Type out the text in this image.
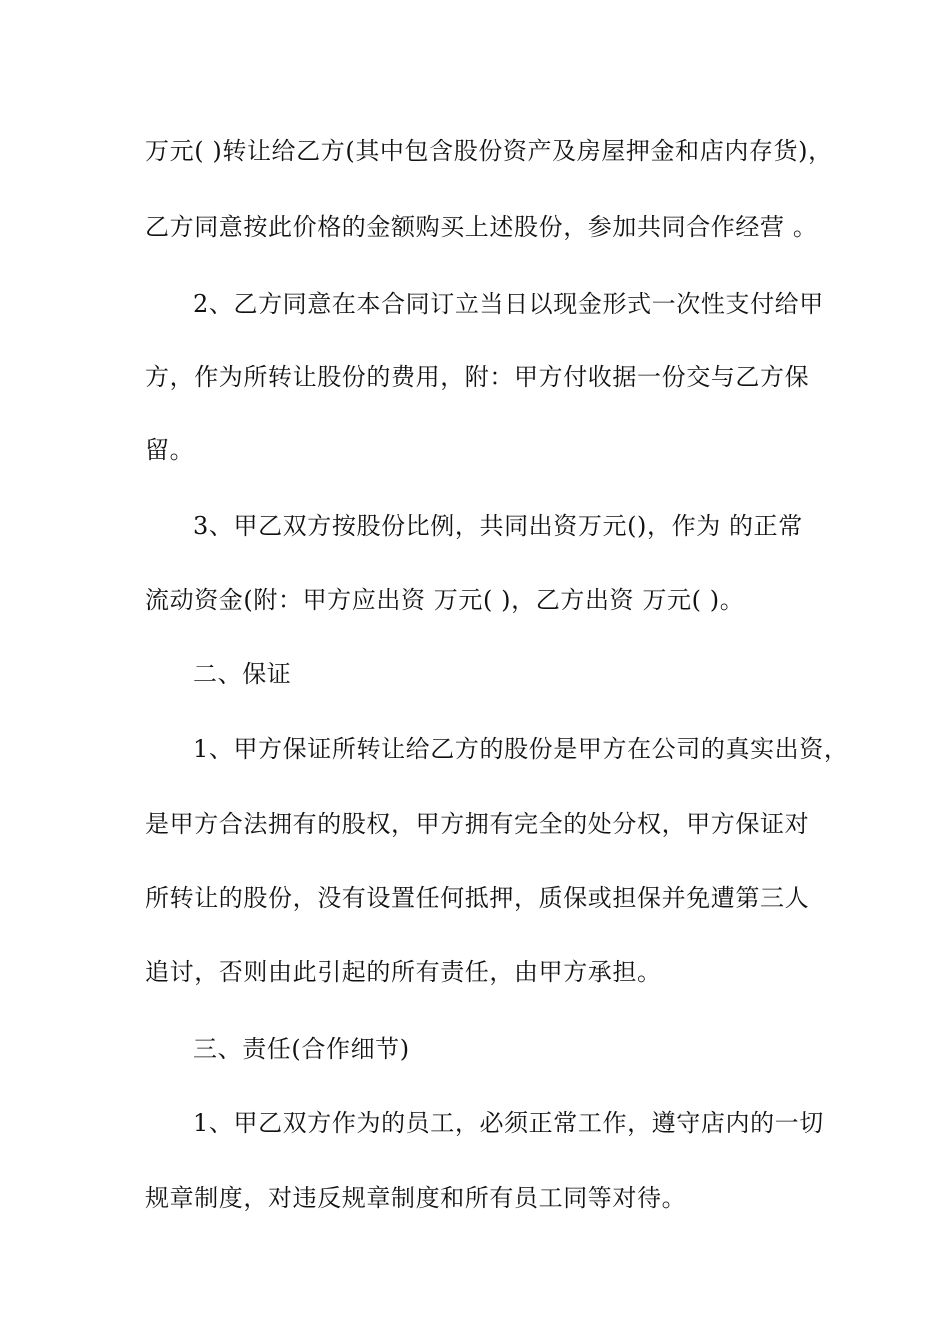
万元( )转让给乙方(其中包含股份资产及房屋押金和店内存货)，
乙方同意按此价格的金额购买上述股份，参加共同合作经营 。
2、乙方同意在本合同订立当日以现金形式一次性支付给甲
方，作为所转让股份的费用，附：甲方付收据一份交与乙方保
留。
3、甲乙双方按股份比例，共同出资万元()，作为 的正常
流动资金(附：甲方应出资 万元( )，乙方出资 万元( )。
二、保证
1、甲方保证所转让给乙方的股份是甲方在公司的真实出资，
是甲方合法拥有的股权，甲方拥有完全的处分权，甲方保证对
所转让的股份，没有设置任何抵押，质保或担保并免遭第三人
追讨，否则由此引起的所有责任，由甲方承担。
三、责任(合作细节)
1、甲乙双方作为的员工，必须正常工作，遵守店内的一切
规章制度，对违反规章制度和所有员工同等对待。
